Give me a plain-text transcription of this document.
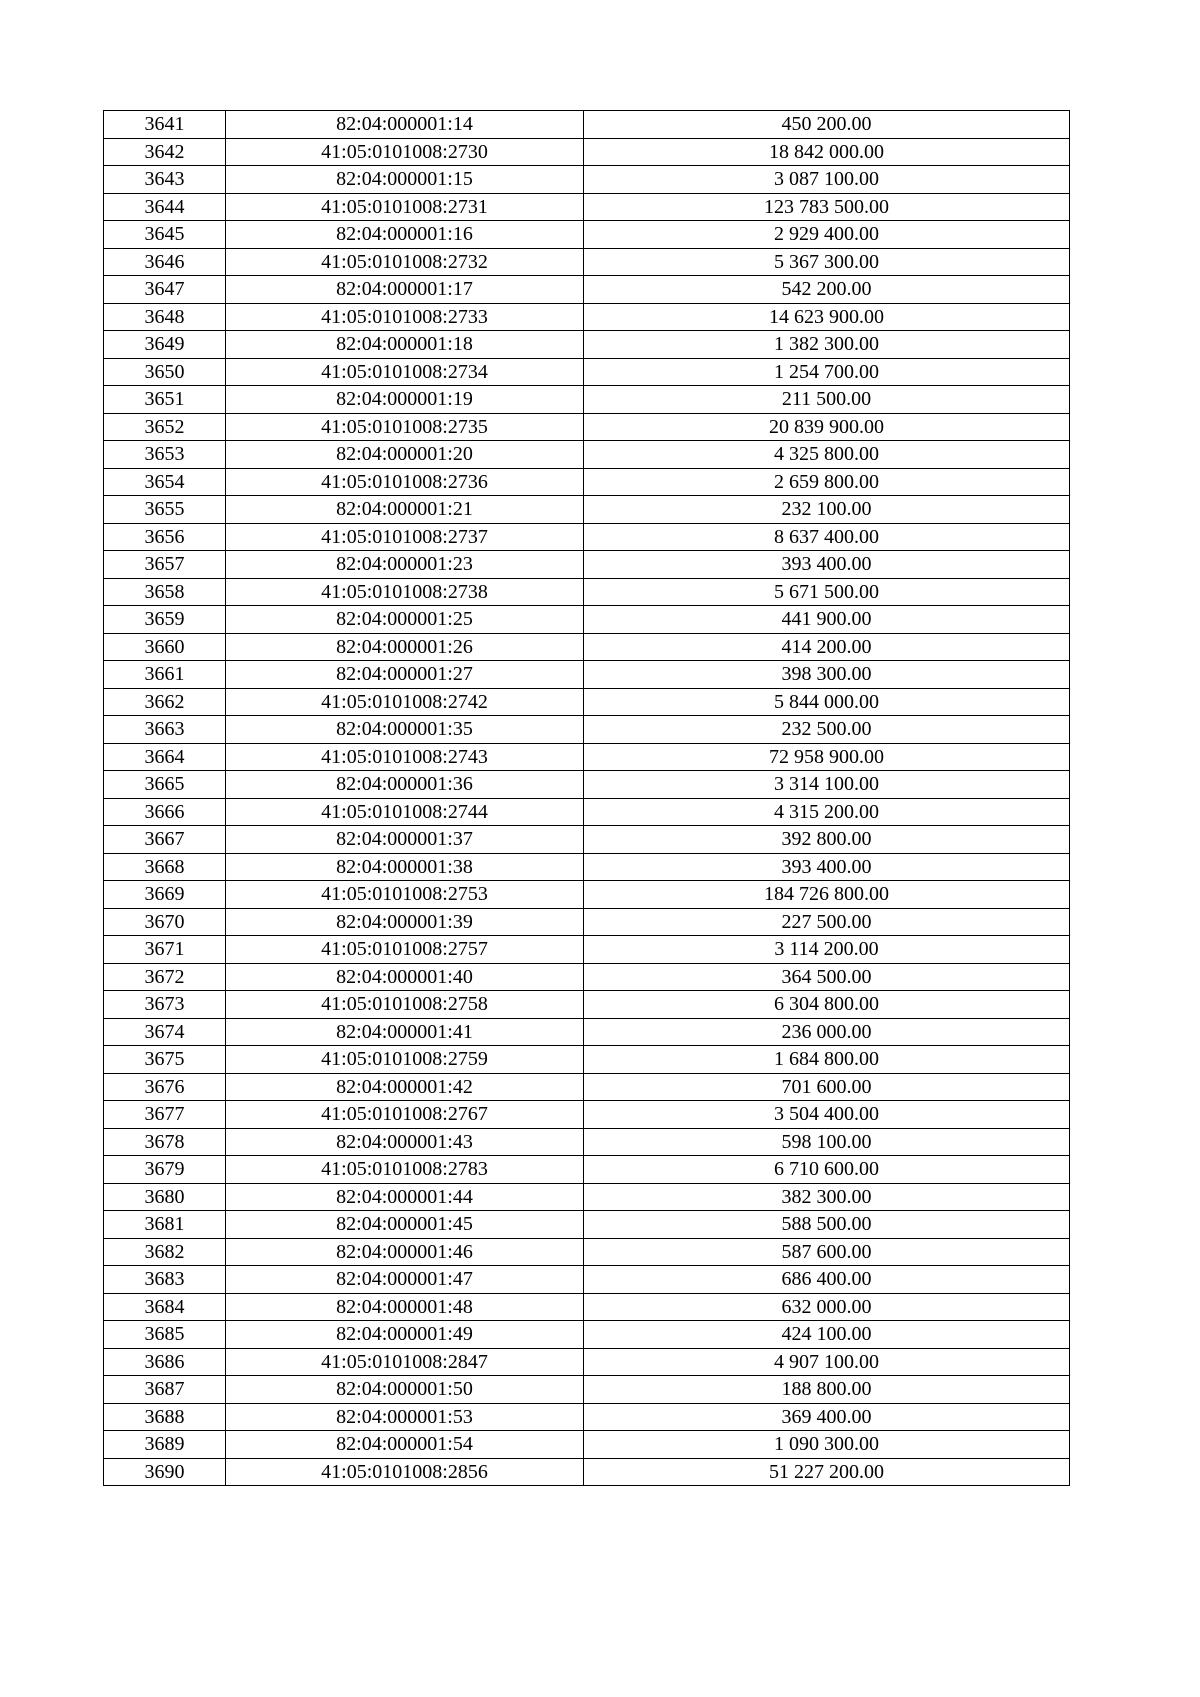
3641	82:04:000001:14	450 200.00
3642	41:05:0101008:2730	18 842 000.00
3643	82:04:000001:15	3 087 100.00
3644	41:05:0101008:2731	123 783 500.00
3645	82:04:000001:16	2 929 400.00
3646	41:05:0101008:2732	5 367 300.00
3647	82:04:000001:17	542 200.00
3648	41:05:0101008:2733	14 623 900.00
3649	82:04:000001:18	1 382 300.00
3650	41:05:0101008:2734	1 254 700.00
3651	82:04:000001:19	211 500.00
3652	41:05:0101008:2735	20 839 900.00
3653	82:04:000001:20	4 325 800.00
3654	41:05:0101008:2736	2 659 800.00
3655	82:04:000001:21	232 100.00
3656	41:05:0101008:2737	8 637 400.00
3657	82:04:000001:23	393 400.00
3658	41:05:0101008:2738	5 671 500.00
3659	82:04:000001:25	441 900.00
3660	82:04:000001:26	414 200.00
3661	82:04:000001:27	398 300.00
3662	41:05:0101008:2742	5 844 000.00
3663	82:04:000001:35	232 500.00
3664	41:05:0101008:2743	72 958 900.00
3665	82:04:000001:36	3 314 100.00
3666	41:05:0101008:2744	4 315 200.00
3667	82:04:000001:37	392 800.00
3668	82:04:000001:38	393 400.00
3669	41:05:0101008:2753	184 726 800.00
3670	82:04:000001:39	227 500.00
3671	41:05:0101008:2757	3 114 200.00
3672	82:04:000001:40	364 500.00
3673	41:05:0101008:2758	6 304 800.00
3674	82:04:000001:41	236 000.00
3675	41:05:0101008:2759	1 684 800.00
3676	82:04:000001:42	701 600.00
3677	41:05:0101008:2767	3 504 400.00
3678	82:04:000001:43	598 100.00
3679	41:05:0101008:2783	6 710 600.00
3680	82:04:000001:44	382 300.00
3681	82:04:000001:45	588 500.00
3682	82:04:000001:46	587 600.00
3683	82:04:000001:47	686 400.00
3684	82:04:000001:48	632 000.00
3685	82:04:000001:49	424 100.00
3686	41:05:0101008:2847	4 907 100.00
3687	82:04:000001:50	188 800.00
3688	82:04:000001:53	369 400.00
3689	82:04:000001:54	1 090 300.00
3690	41:05:0101008:2856	51 227 200.00
